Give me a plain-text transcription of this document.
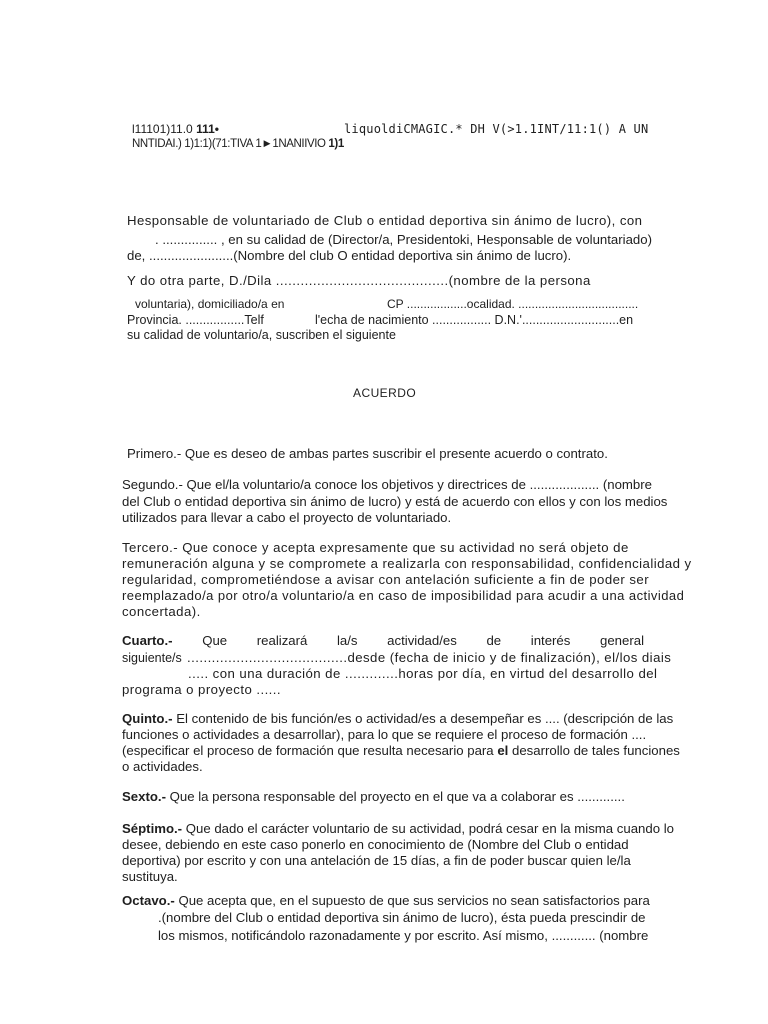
l11101)11.0 111•	liquoldiCMAGIC.* DH V(>1.1INT/11:1() A UN
NNTIDAI.) 1)1:1)(71:TIVA 1►1NANIIVIO 1)1
Hesponsable de voluntariado de Club o entidad deportiva sin ánimo de lucro), con
. ............... , en su calidad de (Director/a, Presidentoki, Hesponsable de voluntariado)
de, .......................(Nombre del club O entidad deportiva sin ánimo de lucro).
Y do otra parte, D./Dila ..........................................(nombre de la persona
voluntaria), domiciliado/a en	CP ..................ocalidad. ....................................
Provincia. .................Telf	l'echa de nacimiento ................. D.N.'............................en
su calidad de voluntario/a, suscriben el siguiente
ACUERDO
Primero.- Que es deseo de ambas partes suscribir el presente acuerdo o contrato.
Segundo.- Que el/la voluntario/a conoce los objetivos y directrices de ................... (nombre
del Club o entidad deportiva sin ánimo de lucro) y está de acuerdo con ellos y con los medios
utilizados para llevar a cabo el proyecto de voluntariado.
Tercero.- Que conoce y acepta expresamente que su actividad no será objeto de
remuneración alguna y se compromete a realizarla con responsabilidad, confidencialidad y
regularidad, comprometiéndose a avisar con antelación suficiente a fin de poder ser
reemplazado/a por otro/a voluntario/a en caso de imposibilidad para acudir a una actividad
concertada).
Cuarto.- Que realizará la/s actividad/es de interés general
siguiente/s .......................................desde (fecha de inicio y de finalización), el/los diais
..... con una duración de .............horas por día, en virtud del desarrollo del
programa o proyecto ......
Quinto.- El contenido de bis función/es o actividad/es a desempeñar es .... (descripción de las
funciones o actividades a desarrollar), para lo que se requiere el proceso de formación ....
(especificar el proceso de formación que resulta necesario para el desarrollo de tales funciones
o actividades.
Sexto.- Que la persona responsable del proyecto en el que va a colaborar es .............
Séptimo.- Que dado el carácter voluntario de su actividad, podrá cesar en la misma cuando lo
desee, debiendo en este caso ponerlo en conocimiento de (Nombre del Club o entidad
deportiva) por escrito y con una antelación de 15 días, a fin de poder buscar quien le/la
sustituya.
Octavo.- Que acepta que, en el supuesto de que sus servicios no sean satisfactorios para
.(nombre del Club o entidad deportiva sin ánimo de lucro), ésta pueda prescindir de
los mismos, notificándolo razonadamente y por escrito. Así mismo, ............ (nombre
